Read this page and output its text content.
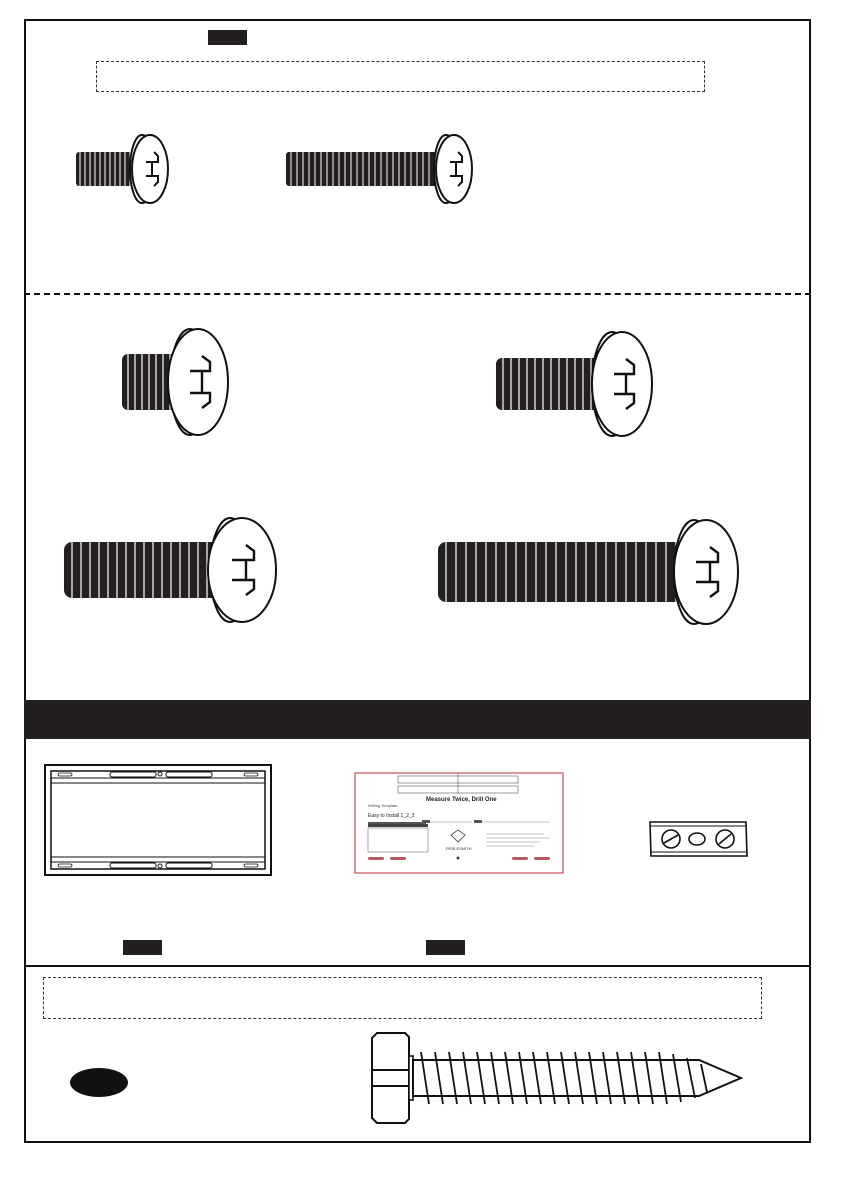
Measure Twice, Drill One
Drilling Template
Easy to Install 1_2_3
PERLESMITH
